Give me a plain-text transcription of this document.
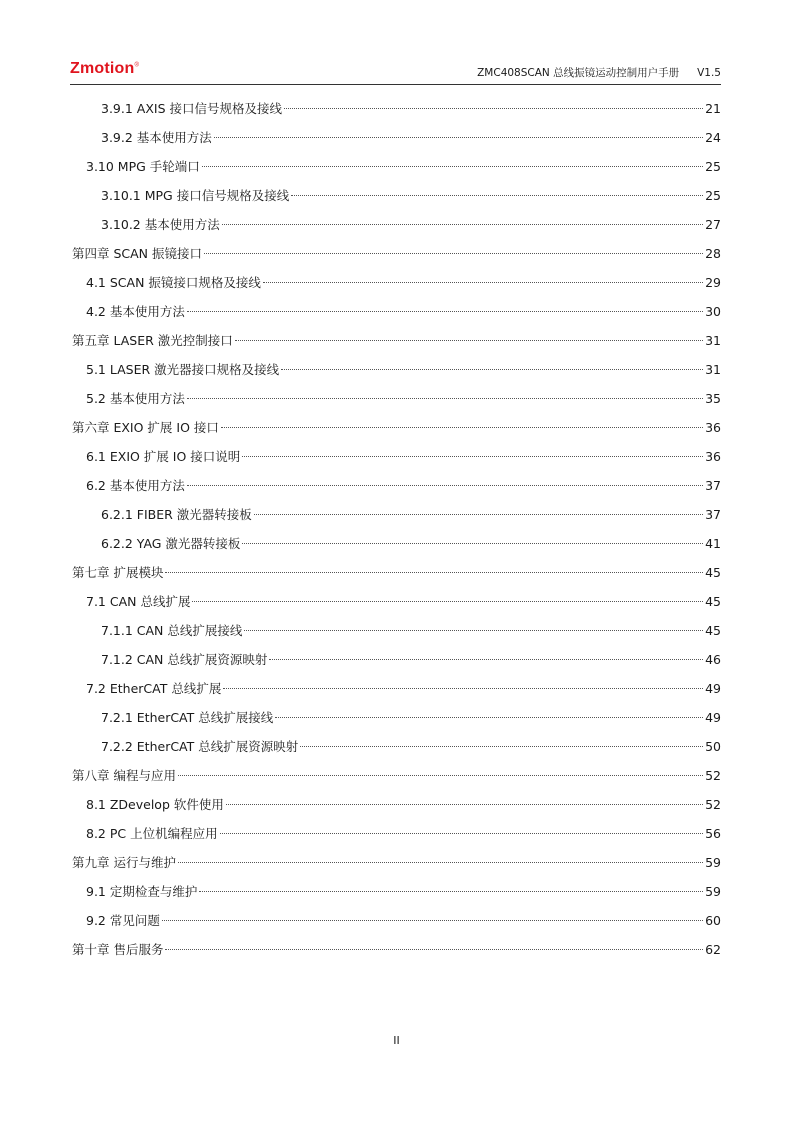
Zmotion®
ZMC408SCAN 总线振镜运动控制用户手册 V1.5
3.9.1 AXIS 接口信号规格及接线	21
3.9.2 基本使用方法	24
3.10 MPG 手轮端口	25
3.10.1 MPG 接口信号规格及接线	25
3.10.2 基本使用方法	27
第四章 SCAN 振镜接口	28
4.1 SCAN 振镜接口规格及接线	29
4.2 基本使用方法	30
第五章 LASER 激光控制接口	31
5.1 LASER 激光器接口规格及接线	31
5.2 基本使用方法	35
第六章 EXIO 扩展 IO 接口	36
6.1 EXIO 扩展 IO 接口说明	36
6.2 基本使用方法	37
6.2.1 FIBER 激光器转接板	37
6.2.2 YAG 激光器转接板	41
第七章 扩展模块	45
7.1 CAN 总线扩展	45
7.1.1 CAN 总线扩展接线	45
7.1.2 CAN 总线扩展资源映射	46
7.2 EtherCAT 总线扩展	49
7.2.1 EtherCAT 总线扩展接线	49
7.2.2 EtherCAT 总线扩展资源映射	50
第八章 编程与应用	52
8.1 ZDevelop 软件使用	52
8.2 PC 上位机编程应用	56
第九章 运行与维护	59
9.1 定期检查与维护	59
9.2 常见问题	60
第十章 售后服务	62
II
